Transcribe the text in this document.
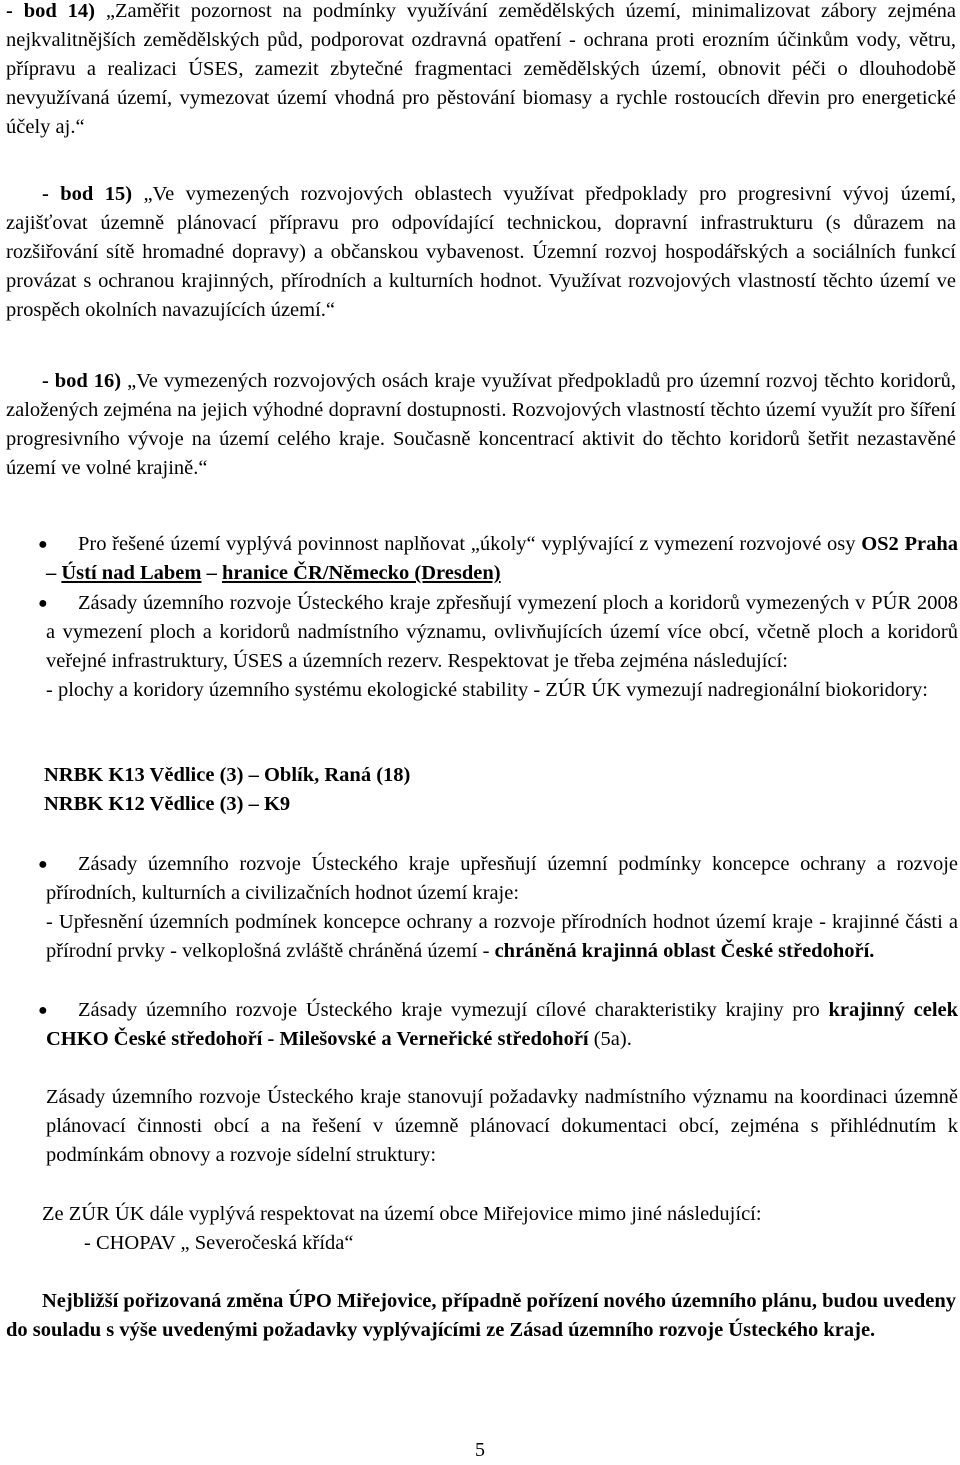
- bod 14) „Zaměřit pozornost na podmínky využívání zemědělských území, minimalizovat zábory zejména nejkvalitnějších zemědělských půd, podporovat ozdravná opatření - ochrana proti erozním účinkům vody, větru, přípravu a realizaci ÚSES, zamezit zbytečné fragmentaci zemědělských území, obnovit péči o dlouhodobě nevyužívaná území, vymezovat území vhodná pro pěstování biomasy a rychle rostoucích dřevin pro energetické účely aj.“

- bod 15) „Ve vymezených rozvojových oblastech využívat předpoklady pro progresivní vývoj území, zajišťovat územně plánovací přípravu pro odpovídající technickou, dopravní infrastrukturu (s důrazem na rozšiřování sítě hromadné dopravy) a občanskou vybavenost. Územní rozvoj hospodářských a sociálních funkcí provázat s ochranou krajinných, přírodních a kulturních hodnot. Využívat rozvojových vlastností těchto území ve prospěch okolních navazujících území.“

- bod 16) „Ve vymezených rozvojových osách kraje využívat předpokladů pro územní rozvoj těchto koridorů, založených zejména na jejich výhodné dopravní dostupnosti. Rozvojových vlastností těchto území využít pro šíření progresivního vývoje na území celého kraje. Současně koncentrací aktivit do těchto koridorů šetřit nezastavěné území ve volné krajině.“

●	Pro řešené území vyplývá povinnost naplňovat „úkoly“ vyplývající z vymezení rozvojové osy OS2 Praha – Ústí nad Labem – hranice ČR/Německo (Dresden)

●	Zásady územního rozvoje Ústeckého kraje zpřesňují vymezení ploch a koridorů vymezených v PÚR 2008 a vymezení ploch a koridorů nadmístního významu, ovlivňujících území více obcí, včetně ploch a koridorů veřejné infrastruktury, ÚSES a územních rezerv. Respektovat je třeba zejména následující:

- plochy a koridory územního systému ekologické stability - ZÚR ÚK vymezují nadregionální biokoridory:

NRBK K13 Vědlice (3) – Oblík, Raná (18)
NRBK K12 Vědlice (3) – K9
●	Zásady územního rozvoje Ústeckého kraje upřesňují územní podmínky koncepce ochrany a rozvoje přírodních, kulturních a civilizačních hodnot území kraje:

- Upřesnění územních podmínek koncepce ochrany a rozvoje přírodních hodnot území kraje - krajinné části a přírodní prvky - velkoplošná zvláště chráněná území - chráněná krajinná oblast České středohoří.

●	Zásady územního rozvoje Ústeckého kraje vymezují cílové charakteristiky krajiny pro krajinný celek CHKO České středohoří - Milešovské a Verneřické středohoří (5a).

Zásady územního rozvoje Ústeckého kraje stanovují požadavky nadmístního významu na koordinaci územně plánovací činnosti obcí a na řešení v územně plánovací dokumentaci obcí, zejména s přihlédnutím k podmínkám obnovy a rozvoje sídelní struktury:

Ze ZÚR ÚK dále vyplývá respektovat na území obce Miřejovice mimo jiné následující:
- CHOPAV „ Severočeská křída“

Nejbližší pořizovaná změna ÚPO Miřejovice, případně pořízení nového územního plánu, budou uvedeny do souladu s výše uvedenými požadavky vyplývajícími ze Zásad územního rozvoje Ústeckého kraje.

5
